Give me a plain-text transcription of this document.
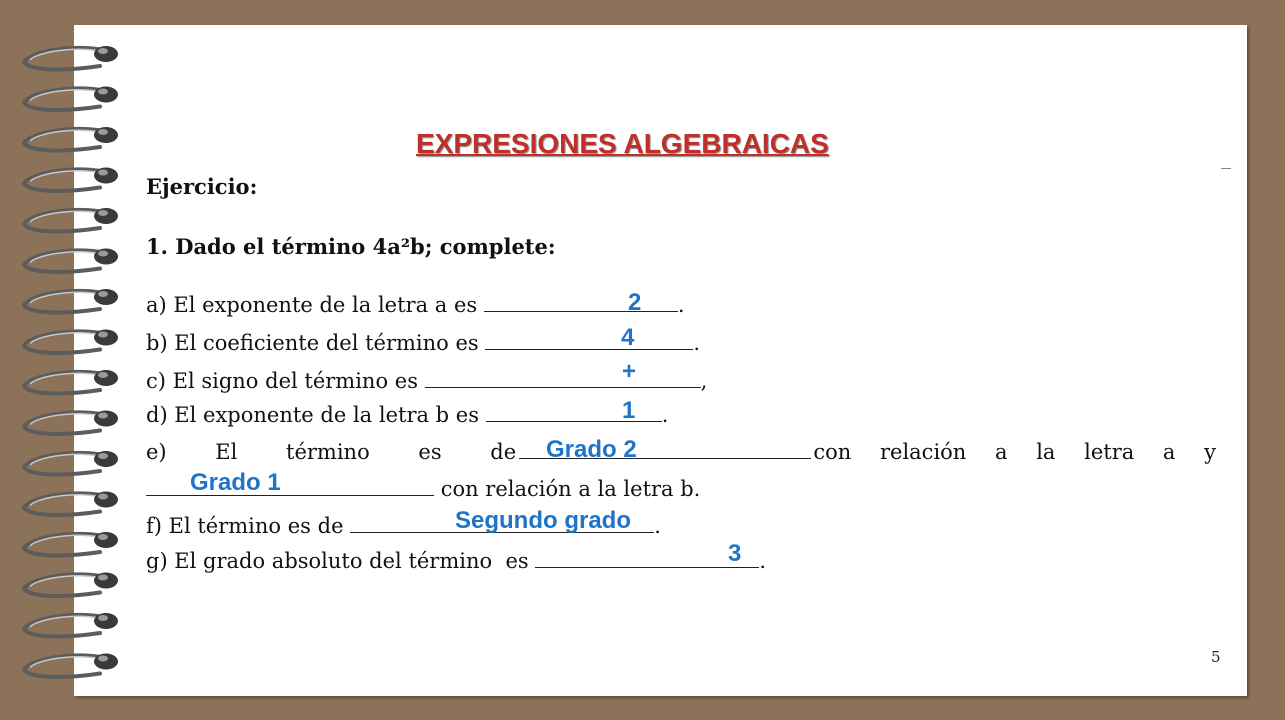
EXPRESIONES ALGEBRAICAS
Ejercicio:
1. Dado el término 4a²b; complete:
a) El exponente de la letra a es	.
b) El coeficiente del término es	.
c) El signo del término es	,
d) El exponente de la letra b es	.
e) El término es de	con relación a la letra a y
con relación a la letra b.
f) El término es de	.
g) El grado absoluto del término  es	.
2
4
+
1
Grado 2
Grado 1
Segundo grado
3
5
